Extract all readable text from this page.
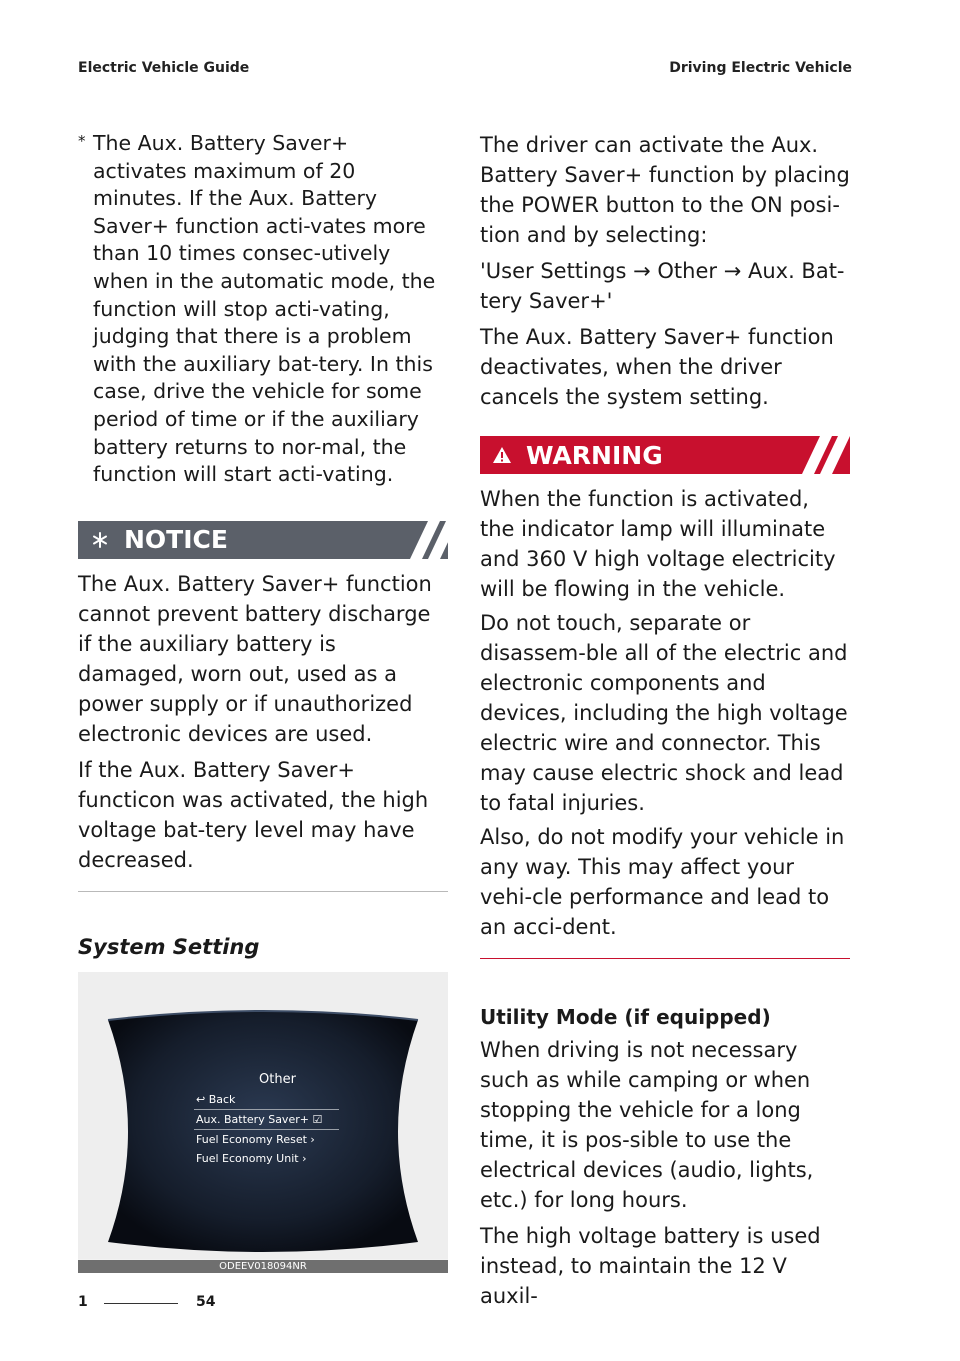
Electric Vehicle Guide	Driving Electric Vehicle

* The Aux. Battery Saver+ activates maximum of 20 minutes. If the Aux. Battery Saver+ function acti-vates more than 10 times consec-utively when in the automatic mode, the function will stop acti-vating, judging that there is a problem with the auxiliary bat-tery. In this case, drive the vehicle for some period of time or if the auxiliary battery returns to nor-mal, the function will start acti-vating.

NOTICE

The Aux. Battery Saver+ function cannot prevent battery discharge if the auxiliary battery is damaged, worn out, used as a power supply or if unauthorized electronic devices are used.

If the Aux. Battery Saver+ functicon was activated, the high voltage bat-tery level may have decreased.

System Setting

Other
↩ Back
Aux. Battery Saver+ ☑
Fuel Economy Reset ›
Fuel Economy Unit ›
ODEEV018094NR

The driver can activate the Aux. Battery Saver+ function by placing the POWER button to the ON posi-tion and by selecting:

'User Settings → Other → Aux. Bat-tery Saver+'

The Aux. Battery Saver+ function deactivates, when the driver cancels the system setting.

WARNING

When the function is activated, the indicator lamp will illuminate and 360 V high voltage electricity will be flowing in the vehicle.

Do not touch, separate or disassem-ble all of the electric and electronic components and devices, including the high voltage electric wire and connector. This may cause electric shock and lead to fatal injuries.

Also, do not modify your vehicle in any way. This may affect your vehi-cle performance and lead to an acci-dent.

Utility Mode (if equipped)

When driving is not necessary such as while camping or when stopping the vehicle for a long time, it is pos-sible to use the electrical devices (audio, lights, etc.) for long hours.

The high voltage battery is used instead, to maintain the 12 V auxil-

1	54
